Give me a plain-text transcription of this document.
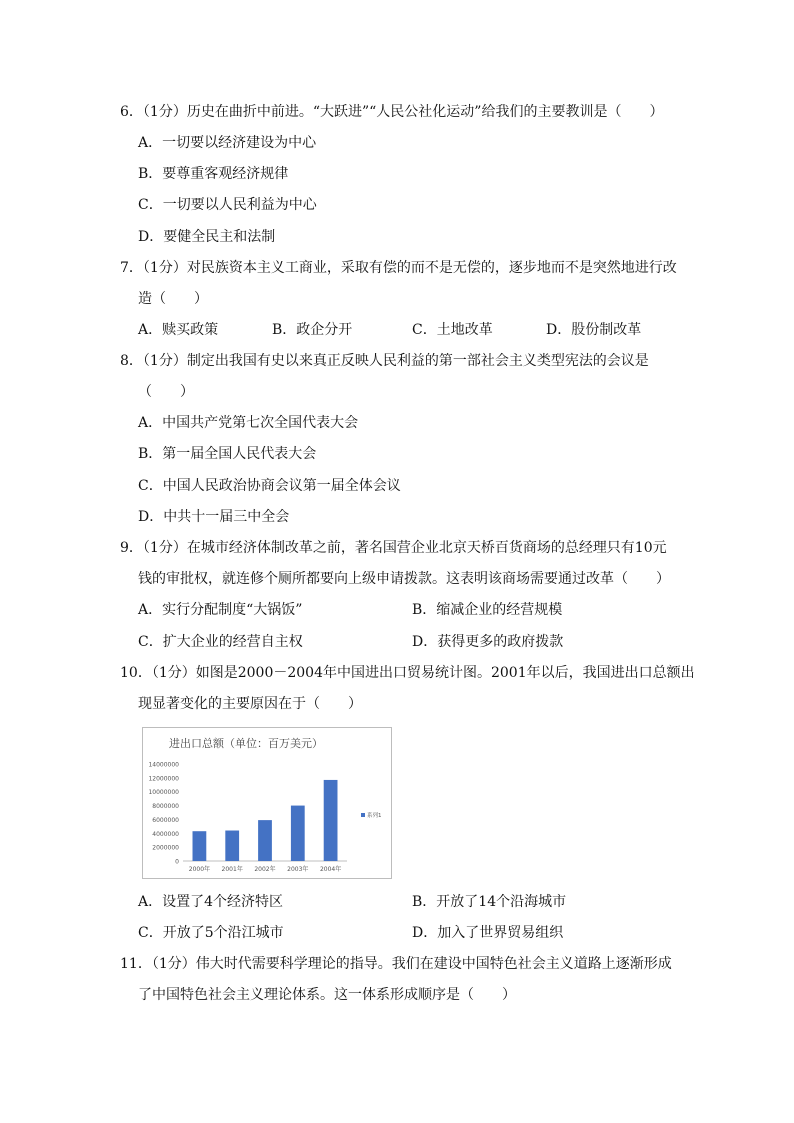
6．（1分）历史在曲折中前进。“大跃进”“人民公社化运动”给我们的主要教训是（　　）
A．一切要以经济建设为中心
B．要尊重客观经济规律
C．一切要以人民利益为中心
D．要健全民主和法制
7．（1分）对民族资本主义工商业，采取有偿的而不是无偿的，逐步地而不是突然地进行改
造（　　）
A．赎买政策	B．政企分开	C．土地改革	D．股份制改革
8．（1分）制定出我国有史以来真正反映人民利益的第一部社会主义类型宪法的会议是
（　　）
A．中国共产党第七次全国代表大会
B．第一届全国人民代表大会
C．中国人民政治协商会议第一届全体会议
D．中共十一届三中全会
9．（1分）在城市经济体制改革之前，著名国营企业北京天桥百货商场的总经理只有10元
钱的审批权，就连修个厕所都要向上级申请拨款。这表明该商场需要通过改革（　　）
A．实行分配制度“大锅饭”	B．缩减企业的经营规模
C．扩大企业的经营自主权	D．获得更多的政府拨款
10．（1分）如图是2000－2004年中国进出口贸易统计图。2001年以后，我国进出口总额出
现显著变化的主要原因在于（　　）
进出口总额（单位：百万美元）
0
2000000
4000000
6000000
8000000
10000000
12000000
14000000
2000年 2001年 2002年 2003年 2004年
系列1
A．设置了4个经济特区	B．开放了14个沿海城市
C．开放了5个沿江城市	D．加入了世界贸易组织
11．（1分）伟大时代需要科学理论的指导。我们在建设中国特色社会主义道路上逐渐形成
了中国特色社会主义理论体系。这一体系形成顺序是（　　）
